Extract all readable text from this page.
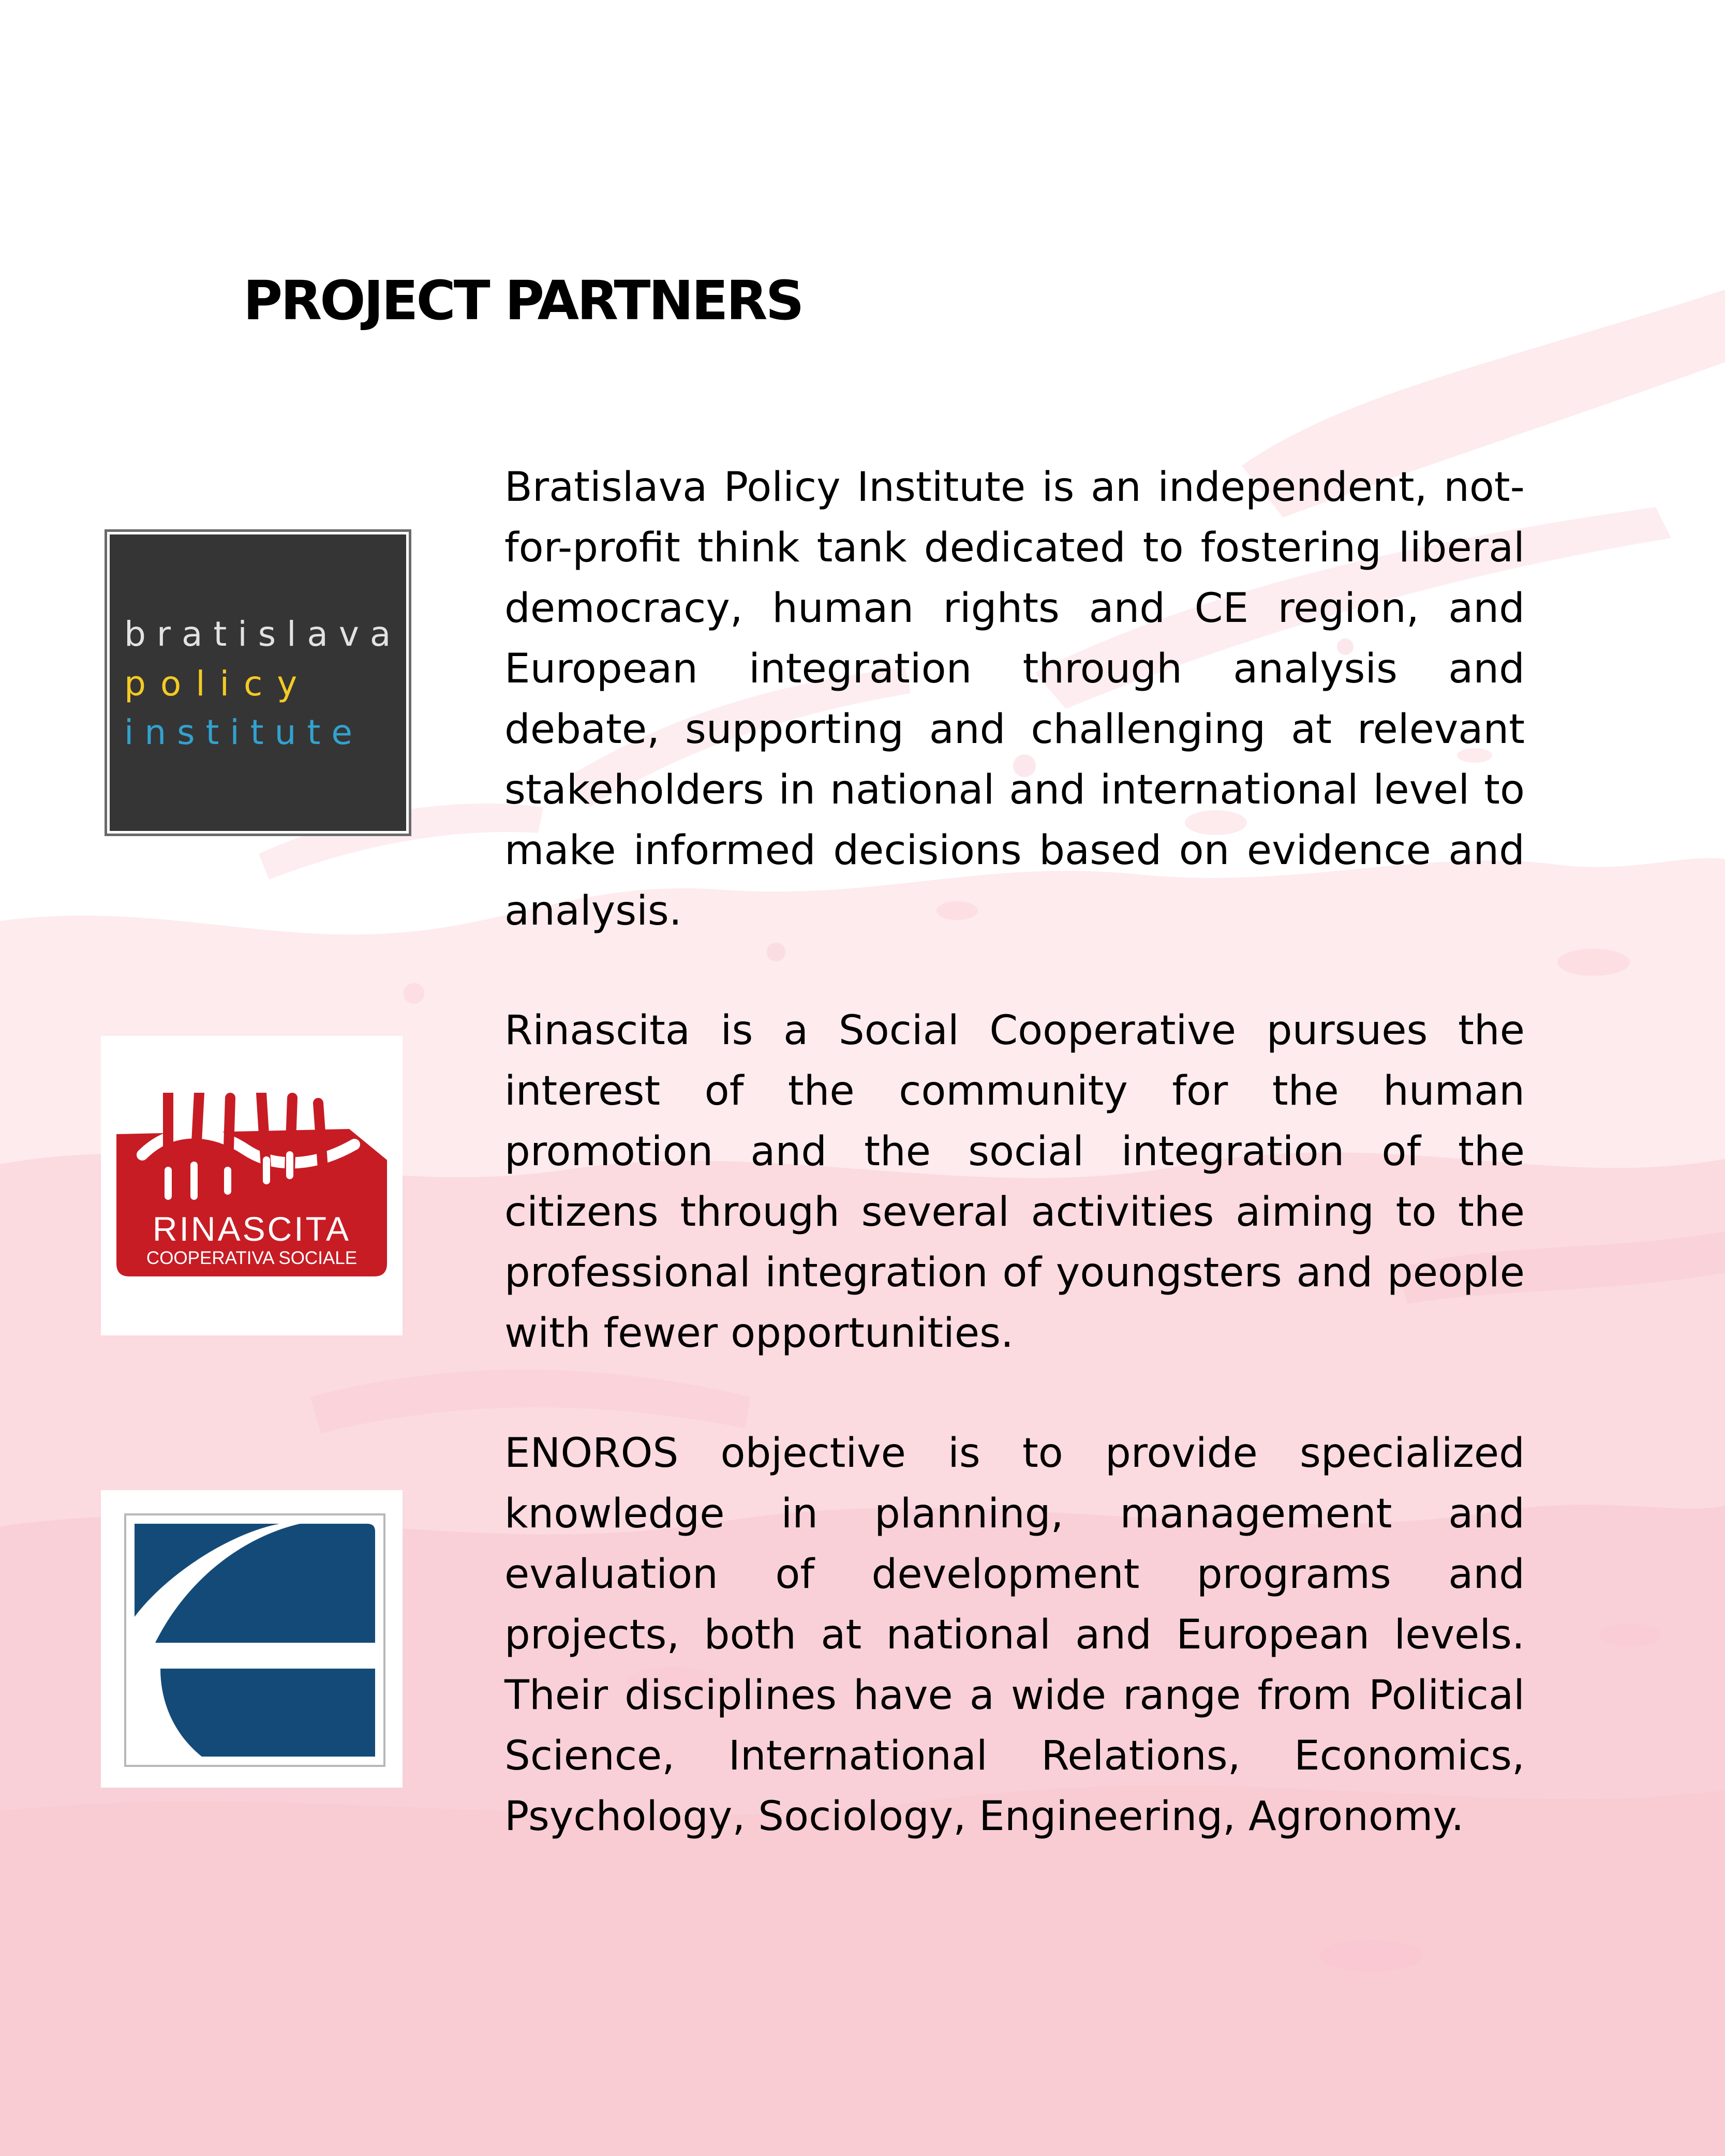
PROJECT PARTNERS
bratislava
policy
institute

Bratislava Policy Institute is an independent, not-for-profit think tank dedicated to fostering liberal democracy, human rights and CE region, and European integration through analysis and debate, supporting and challenging at relevant stakeholders in national and international level to make informed decisions based on evidence and analysis.

RINASCITA
COOPERATIVA SOCIALE

Rinascita is a Social Cooperative pursues the interest of the community for the human promotion and the social integration of the citizens through several activities aiming to the professional integration of youngsters and people with fewer opportunities.

ENOROS objective is to provide specialized knowledge in planning, management and evaluation of development programs and projects, both at national and European levels. Their disciplines have a wide range from Political Science, International Relations, Economics, Psychology, Sociology, Engineering, Agronomy.
